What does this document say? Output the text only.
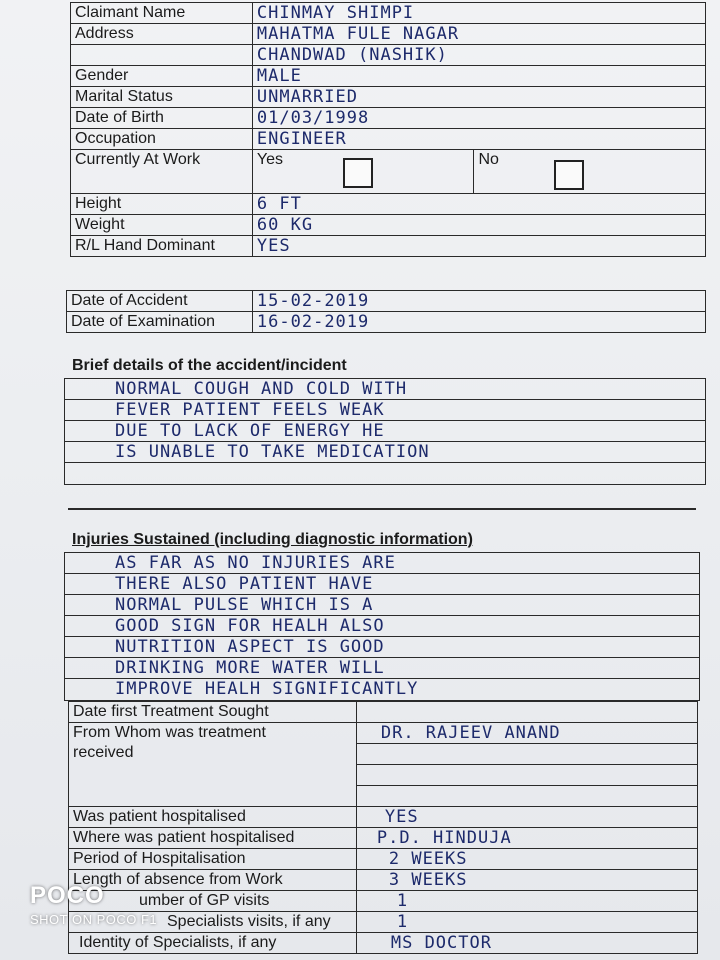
Claimant Name	CHINMAY SHIMPI	
Address	MAHATMA FULE NAGAR	
	CHANDWAD (NASHIK)	
Gender	MALE	
Marital Status	UNMARRIED	
Date of Birth	01/03/1998	
Occupation	ENGINEER	
Currently At Work	Yes	No

Height	6 FT	
Weight	60 KG	
R/L Hand Dominant	YES	
Date of Accident	15-02-2019
Date of Examination	16-02-2019
Brief details of the accident/incident
NORMAL COUGH AND COLD WITH
FEVER PATIENT FEELS WEAK
DUE TO LACK OF ENERGY HE
IS UNABLE TO TAKE MEDICATION
Injuries Sustained (including diagnostic information)
AS FAR AS NO INJURIES ARE
THERE ALSO PATIENT HAVE
NORMAL PULSE WHICH IS A
GOOD SIGN FOR HEALH ALSO
NUTRITION ASPECT IS GOOD
DRINKING MORE WATER WILL
IMPROVE HEALH SIGNIFICANTLY
Date first Treatment Sought	

From Whom was treatment
received	DR. RAJEEV ANAND

Was patient hospitalised	YES
Where was patient hospitalised	P.D. HINDUJA
Period of Hospitalisation	2 WEEKS
Length of absence from Work	3 WEEKS
umber of GP visits	1
Specialists visits, if any	1
Identity of Specialists, if any	MS DOCTOR
POCO
SHOT ON POCO F1
